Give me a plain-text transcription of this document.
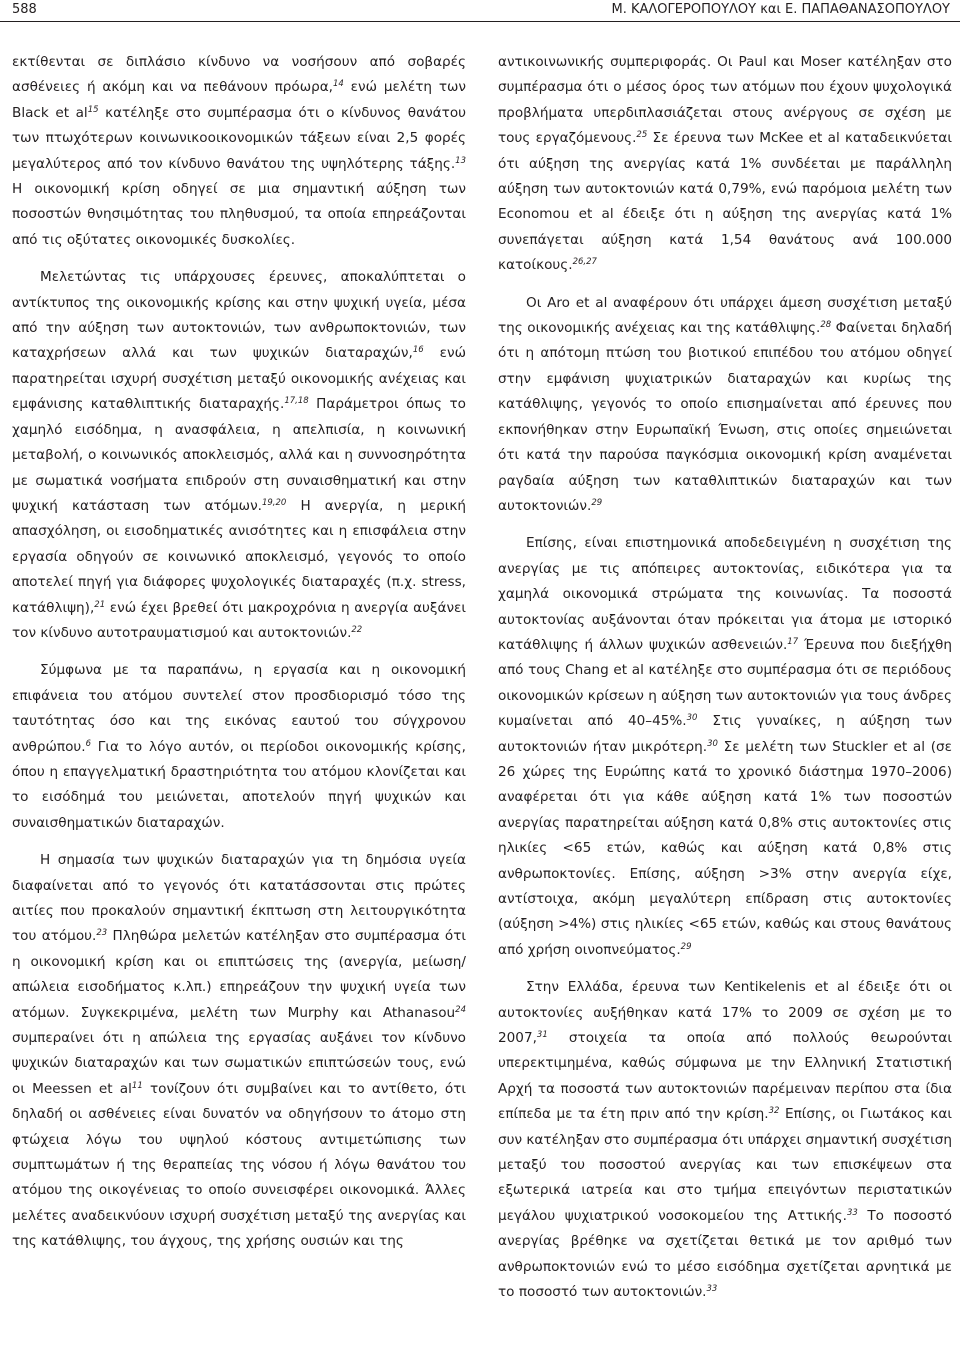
588	Μ. ΚΑΛΟΓΕΡΟΠΟΥΛΟΥ και Ε. ΠΑΠΑΘΑΝΑΣΟΠΟΥΛΟΥ

εκτίθενται σε διπλάσιο κίνδυνο να νοσήσουν από σοβαρές ασθένειες ή ακόμη και να πεθάνουν πρόωρα,$^{14}$ ενώ μελέτη των Black et $al^{15}$ κατέληξε στο συμπέρασμα ότι ο κίνδυνος θανάτου των πτωχότερων κοινωνικοοικονομικών τάξεων είναι 2,5 φορές μεγαλύτερος από τον κίνδυνο θανάτου της υψηλότερης τάξης.$^{13}$ Η οικονομική κρίση οδηγεί σε μια σημαντική αύξηση των ποσοστών θνησιμότητας του πληθυσμού, τα οποία επηρεάζονται από τις οξύτατες οικονομικές δυσκολίες.

Μελετώντας τις υπάρχουσες έρευνες, αποκαλύπτεται ο αντίκτυπος της οικονομικής κρίσης και στην ψυχική υγεία, μέσα από την αύξηση των αυτοκτονιών, των ανθρωποκτονιών, των καταχρήσεων αλλά και των ψυχικών διαταραχών,$^{16}$ ενώ παρατηρείται ισχυρή συσχέτιση μεταξύ οικονομικής ανέχειας και εμφάνισης καταθλιπτικής διαταραχής.$^{17,18}$ Παράμετροι όπως το χαμηλό εισόδημα, η ανασφάλεια, η απελπισία, η κοινωνική μεταβολή, ο κοινωνικός αποκλεισμός, αλλά και η συννοσηρότητα με σωματικά νοσήματα επιδρούν στη συναισθηματική και στην ψυχική κατάσταση των ατόμων.$^{19,20}$ Η ανεργία, η μερική απασχόληση, οι εισοδηματικές ανισότητες και η επισφάλεια στην εργασία οδηγούν σε κοινωνικό αποκλεισμό, γεγονός το οποίο αποτελεί πηγή για διάφορες ψυχολογικές διαταραχές (π.χ. stress, κατάθλιψη),$^{21}$ ενώ έχει βρεθεί ότι μακροχρόνια η ανεργία αυξάνει τον κίνδυνο αυτοτραυματισμού και αυτοκτονιών.$^{22}$

Σύμφωνα με τα παραπάνω, η εργασία και η οικονομική επιφάνεια του ατόμου συντελεί στον προσδιορισμό τόσο της ταυτότητας όσο και της εικόνας εαυτού του σύγχρονου ανθρώπου.$^6$ Για το λόγο αυτόν, οι περίοδοι οικονομικής κρίσης, όπου η επαγγελματική δραστηριότητα του ατόμου κλονίζεται και το εισόδημά του μειώνεται, αποτελούν πηγή ψυχικών και συναισθηματικών διαταραχών.

Η σημασία των ψυχικών διαταραχών για τη δημόσια υγεία διαφαίνεται από το γεγονός ότι κατατάσσονται στις πρώτες αιτίες που προκαλούν σημαντική έκπτωση στη λειτουργικότητα του ατόμου.$^{23}$ Πληθώρα μελετών κατέληξαν στο συμπέρασμα ότι η οικονομική κρίση και οι επιπτώσεις της (ανεργία, μείωση/απώλεια εισοδήματος κ.λπ.) επηρεάζουν την ψυχική υγεία των ατόμων. Συγκεκριμένα, μελέτη των Murphy και Athanasou$^{24}$ συμπεραίνει ότι η απώλεια της εργασίας αυξάνει τον κίνδυνο ψυχικών διαταραχών και των σωματικών επιπτώσεών τους, ενώ οι Meessen et $al^{11}$ τονίζουν ότι συμβαίνει και το αντίθετο, ότι δηλαδή οι ασθένειες είναι δυνατόν να οδηγήσουν το άτομο στη φτώχεια λόγω του υψηλού κόστους αντιμετώπισης των συμπτωμάτων ή της θεραπείας της νόσου ή λόγω θανάτου του ατόμου της οικογένειας το οποίο συνεισφέρει οικονομικά. Άλλες μελέτες αναδεικνύουν ισχυρή συσχέτιση μεταξύ της ανεργίας και της κατάθλιψης, του άγχους, της χρήσης ουσιών και της

αντικοινωνικής συμπεριφοράς. Οι Paul και Moser κατέληξαν στο συμπέρασμα ότι ο μέσος όρος των ατόμων που έχουν ψυχολογικά προβλήματα υπερδιπλασιάζεται στους ανέργους σε σχέση με τους εργαζόμενους.$^{25}$ Σε έρευνα των McKee et al καταδεικνύεται ότι αύξηση της ανεργίας κατά 1% συνδέεται με παράλληλη αύξηση των αυτοκτονιών κατά 0,79%, ενώ παρόμοια μελέτη των Economou et al έδειξε ότι η αύξηση της ανεργίας κατά 1% συνεπάγεται αύξηση κατά 1,54 θανάτους ανά 100.000 κατοίκους.$^{26,27}$

Οι Aro et al αναφέρουν ότι υπάρχει άμεση συσχέτιση μεταξύ της οικονομικής ανέχειας και της κατάθλιψης.$^{28}$ Φαίνεται δηλαδή ότι η απότομη πτώση του βιοτικού επιπέδου του ατόμου οδηγεί στην εμφάνιση ψυχιατρικών διαταραχών και κυρίως της κατάθλιψης, γεγονός το οποίο επισημαίνεται από έρευνες που εκπονήθηκαν στην Ευρωπαϊκή Ένωση, στις οποίες σημειώνεται ότι κατά την παρούσα παγκόσμια οικονομική κρίση αναμένεται ραγδαία αύξηση των καταθλιπτικών διαταραχών και των αυτοκτονιών.$^{29}$

Επίσης, είναι επιστημονικά αποδεδειγμένη η συσχέτιση της ανεργίας με τις απόπειρες αυτοκτονίας, ειδικότερα για τα χαμηλά οικονομικά στρώματα της κοινωνίας. Τα ποσοστά αυτοκτονίας αυξάνονται όταν πρόκειται για άτομα με ιστορικό κατάθλιψης ή άλλων ψυχικών ασθενειών.$^{17}$ Έρευνα που διεξήχθη από τους Chang et al κατέληξε στο συμπέρασμα ότι σε περιόδους οικονομικών κρίσεων η αύξηση των αυτοκτονιών για τους άνδρες κυμαίνεται από 40–45%.$^{30}$ Στις γυναίκες, η αύξηση των αυτοκτονιών ήταν μικρότερη.$^{30}$ Σε μελέτη των Stuckler et al (σε 26 χώρες της Ευρώπης κατά το χρονικό διάστημα 1970–2006) αναφέρεται ότι για κάθε αύξηση κατά 1% των ποσοστών ανεργίας παρατηρείται αύξηση κατά 0,8% στις αυτοκτονίες στις ηλικίες <65 ετών, καθώς και αύξηση κατά 0,8% στις ανθρωποκτονίες. Επίσης, αύξηση >3% στην ανεργία είχε, αντίστοιχα, ακόμη μεγαλύτερη επίδραση στις αυτοκτονίες (αύξηση >4%) στις ηλικίες <65 ετών, καθώς και στους θανάτους από χρήση οινοπνεύματος.$^{29}$

Στην Ελλάδα, έρευνα των Kentikelenis et al έδειξε ότι οι αυτοκτονίες αυξήθηκαν κατά 17% το 2009 σε σχέση με το 2007,31 στοιχεία τα οποία από πολλούς θεωρούνται υπερεκτιμημένα, καθώς σύμφωνα με την Ελληνική Στατιστική Αρχή τα ποσοστά των αυτοκτονιών παρέμειναν περίπου στα ίδια επίπεδα με τα έτη πριν από την κρίση.$^{32}$ Επίσης, οι Γιωτάκος και συν κατέληξαν στο συμπέρασμα ότι υπάρχει σημαντική συσχέτιση μεταξύ του ποσοστού ανεργίας και των επισκέψεων στα εξωτερικά ιατρεία και στο τμήμα επειγόντων περιστατικών μεγάλου ψυχιατρικού νοσοκομείου της Αττικής.$^{33}$ Το ποσοστό ανεργίας βρέθηκε να σχετίζεται θετικά με τον αριθμό των ανθρωποκτονιών ενώ το μέσο εισόδημα σχετίζεται αρνητικά με το ποσοστό των αυτοκτονιών.$^{33}$
